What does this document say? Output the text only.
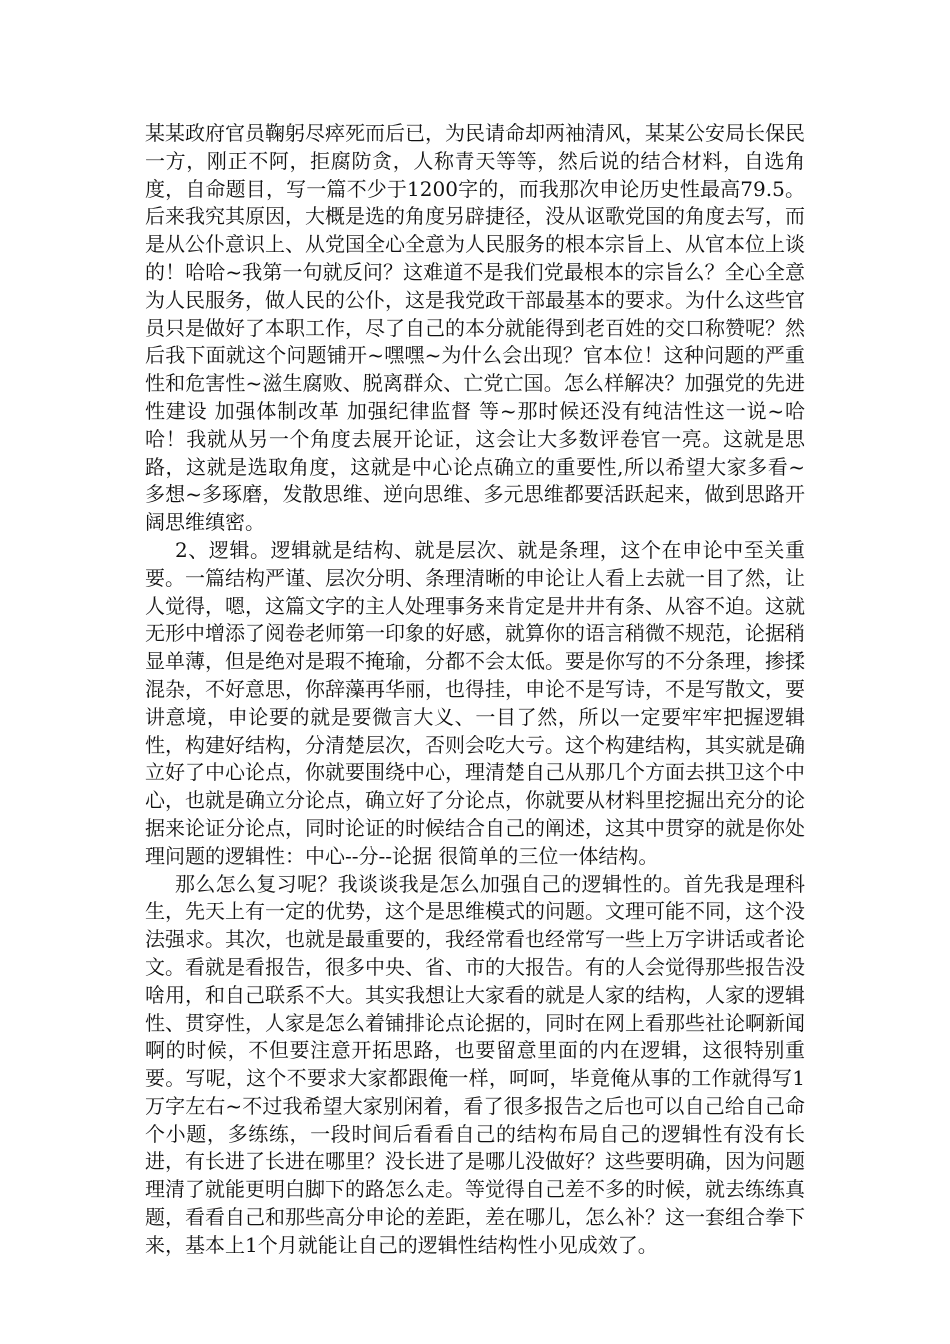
某某政府官员鞠躬尽瘁死而后已，为民请命却两袖清风，某某公安局长保民一方，刚正不阿，拒腐防贪，人称青天等等，然后说的结合材料，自选角度，自命题目，写一篇不少于1200字的，而我那次申论历史性最高79.5。后来我究其原因，大概是选的角度另辟捷径，没从讴歌党国的角度去写，而是从公仆意识上、从党国全心全意为人民服务的根本宗旨上、从官本位上谈的！哈哈~我第一句就反问？这难道不是我们党最根本的宗旨么？全心全意为人民服务，做人民的公仆，这是我党政干部最基本的要求。为什么这些官员只是做好了本职工作，尽了自己的本分就能得到老百姓的交口称赞呢？然后我下面就这个问题铺开~嘿嘿~为什么会出现？官本位！这种问题的严重性和危害性~滋生腐败、脱离群众、亡党亡国。怎么样解决？加强党的先进性建设 加强体制改革 加强纪律监督 等~那时候还没有纯洁性这一说~哈哈！我就从另一个角度去展开论证，这会让大多数评卷官一亮。这就是思路，这就是选取角度，这就是中心论点确立的重要性,所以希望大家多看~多想~多琢磨，发散思维、逆向思维、多元思维都要活跃起来，做到思路开阔思维缜密。

2、逻辑。逻辑就是结构、就是层次、就是条理，这个在申论中至关重要。一篇结构严谨、层次分明、条理清晰的申论让人看上去就一目了然，让人觉得，嗯，这篇文字的主人处理事务来肯定是井井有条、从容不迫。这就无形中增添了阅卷老师第一印象的好感，就算你的语言稍微不规范，论据稍显单薄，但是绝对是瑕不掩瑜，分都不会太低。要是你写的不分条理，掺揉混杂，不好意思，你辞藻再华丽，也得挂，申论不是写诗，不是写散文，要讲意境，申论要的就是要微言大义、一目了然，所以一定要牢牢把握逻辑性，构建好结构，分清楚层次，否则会吃大亏。这个构建结构，其实就是确立好了中心论点，你就要围绕中心，理清楚自己从那几个方面去拱卫这个中心，也就是确立分论点，确立好了分论点，你就要从材料里挖掘出充分的论据来论证分论点，同时论证的时候结合自己的阐述，这其中贯穿的就是你处理问题的逻辑性：中心--分--论据 很简单的三位一体结构。

那么怎么复习呢？我谈谈我是怎么加强自己的逻辑性的。首先我是理科生，先天上有一定的优势，这个是思维模式的问题。文理可能不同，这个没法强求。其次，也就是最重要的，我经常看也经常写一些上万字讲话或者论文。看就是看报告，很多中央、省、市的大报告。有的人会觉得那些报告没啥用，和自己联系不大。其实我想让大家看的就是人家的结构，人家的逻辑性、贯穿性，人家是怎么着铺排论点论据的，同时在网上看那些社论啊新闻啊的时候，不但要注意开拓思路，也要留意里面的内在逻辑，这很特别重要。写呢，这个不要求大家都跟俺一样，呵呵，毕竟俺从事的工作就得写1万字左右~不过我希望大家别闲着，看了很多报告之后也可以自己给自己命个小题，多练练，一段时间后看看自己的结构布局自己的逻辑性有没有长进，有长进了长进在哪里？没长进了是哪儿没做好？这些要明确，因为问题理清了就能更明白脚下的路怎么走。等觉得自己差不多的时候，就去练练真题，看看自己和那些高分申论的差距，差在哪儿，怎么补？这一套组合拳下来，基本上1个月就能让自己的逻辑性结构性小见成效了。
